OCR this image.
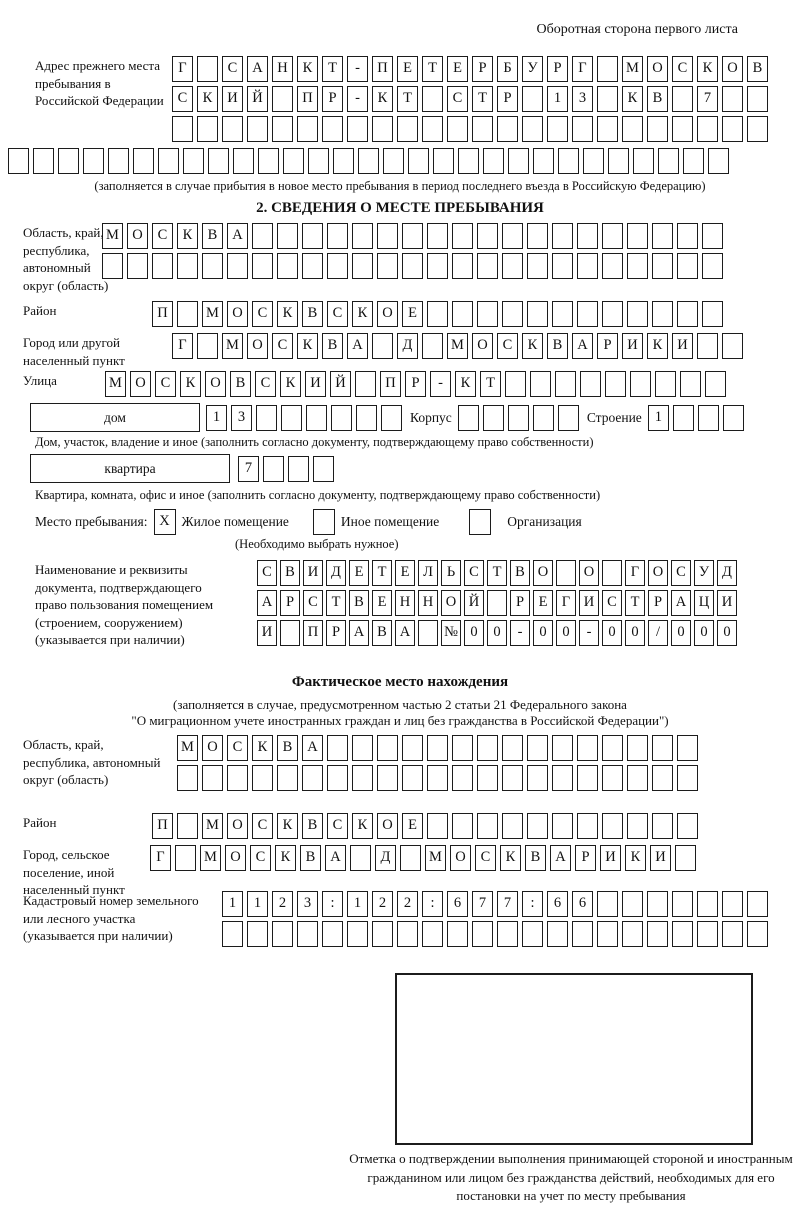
Оборотная сторона первого листа
Адрес прежнего места пребывания в Российской Федерации
Г	С А Н К Т - П Е Т Е Р Б У Р Г	М О С К О В
С К И Й	П Р - К Т	С Т Р	1 3	К В	7
(заполняется в случае прибытия в новое место пребывания в период последнего въезда в Российскую Федерацию)
2. СВЕДЕНИЯ О МЕСТЕ ПРЕБЫВАНИЯ
Область, край, республика, автономный округ (область)
М О С К В А
Район	П	М О С К В С К О Е
Город или другой населенный пункт
Г	М О С К В А	Д	М О С К В А Р И К И
Улица	М О С К О В С К И Й	П Р - К Т
дом	1 3	Корпус	Строение 1
Дом, участок, владение и иное (заполнить согласно документу, подтверждающему право собственности)
квартира	7
Квартира, комната, офис и иное (заполнить согласно документу, подтверждающему право собственности)
Место пребывания: X Жилое помещение	Иное помещение	Организация
(Необходимо выбрать нужное)
Наименование и реквизиты документа, подтверждающего право пользования помещением (строением, сооружением) (указывается при наличии)
С В И Д Е Т Е Л Ь С Т В О О	Г О С У Д
А Р С Т В Е Н Н О Й	Р Е Г И С Т Р А Ц И
И П Р А В А № 0 0 - 0 0 - 0 0 / 0 0 0
Фактическое место нахождения
(заполняется в случае, предусмотренном частью 2 статьи 21 Федерального закона
"О миграционном учете иностранных граждан и лиц без гражданства в Российской Федерации")
Область, край, республика, автономный округ (область)
М О С К В А
Район	П	М О С К В С К О Е
Город, сельское поселение, иной населенный пункт
Г	М О С К В А	Д	М О С К В А Р И К И
Кадастровый номер земельного или лесного участка (указывается при наличии)
1 1 2 3 : 1 2 2 : 6 7 7 : 6 6
Отметка о подтверждении выполнения принимающей стороной и иностранным гражданином или лицом без гражданства действий, необходимых для его постановки на учет по месту пребывания
